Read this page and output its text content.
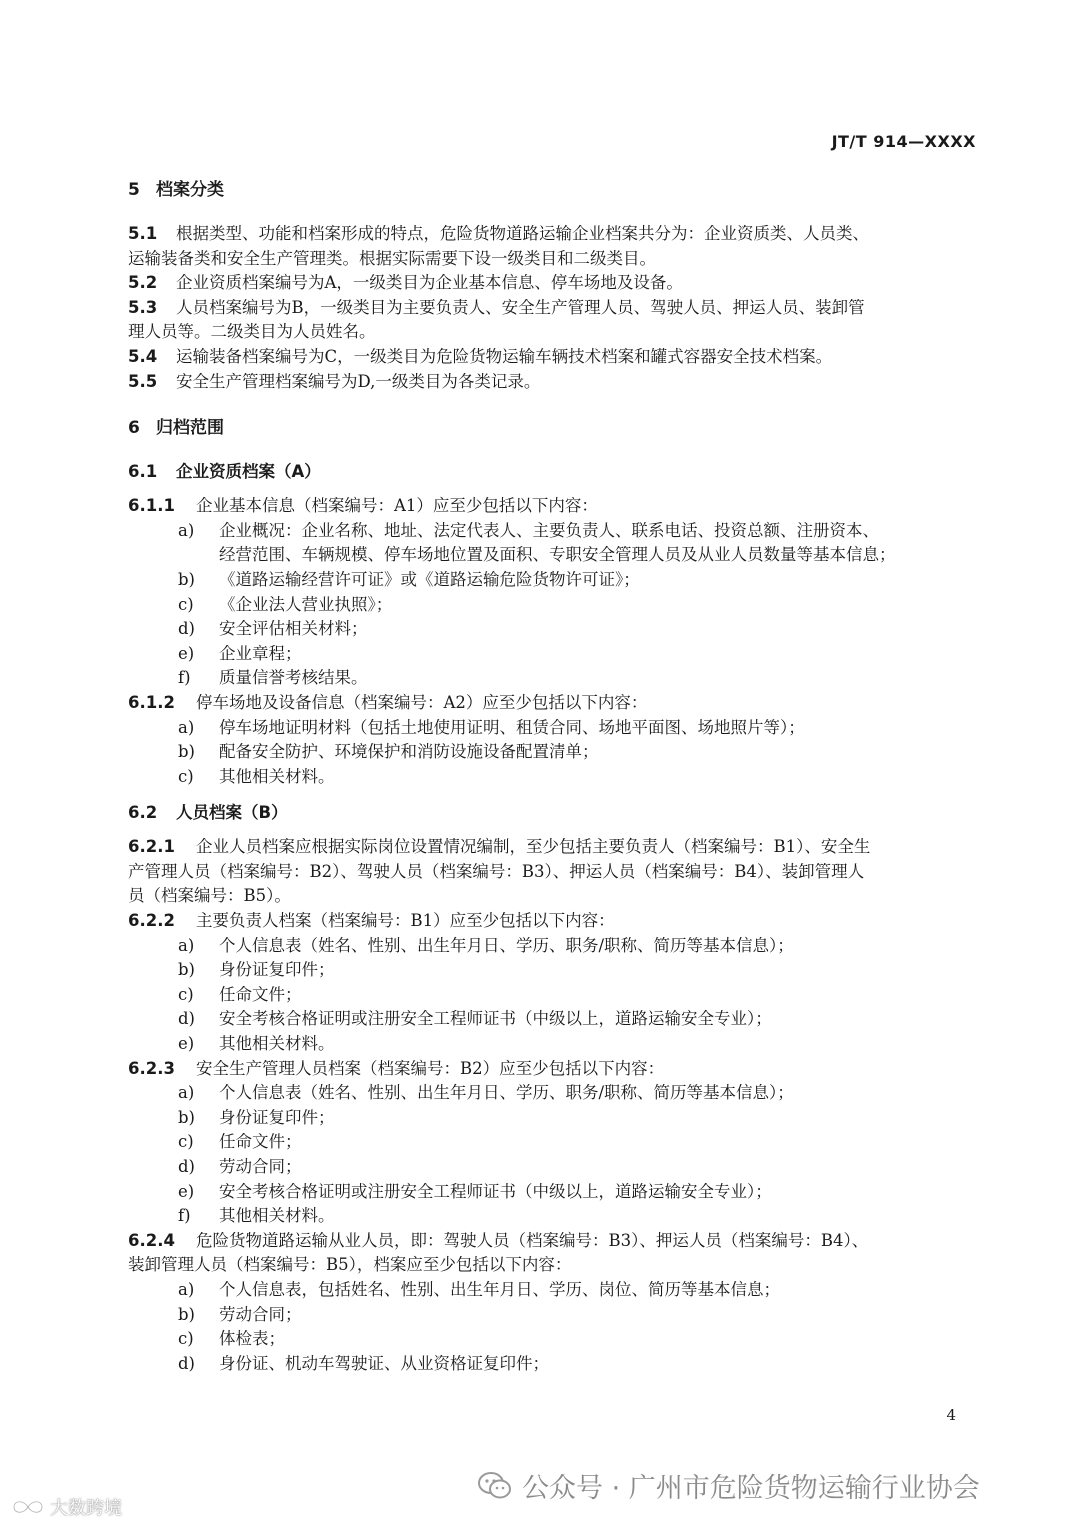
JT/T 914—XXXX

5 档案分类

5.1 根据类型、功能和档案形成的特点，危险货物道路运输企业档案共分为：企业资质类、人员类、

运输装备类和安全生产管理类。根据实际需要下设一级类目和二级类目。

5.2 企业资质档案编号为A，一级类目为企业基本信息、停车场地及设备。

5.3 人员档案编号为B，一级类目为主要负责人、安全生产管理人员、驾驶人员、押运人员、装卸管

理人员等。二级类目为人员姓名。

5.4 运输装备档案编号为C，一级类目为危险货物运输车辆技术档案和罐式容器安全技术档案。

5.5 安全生产管理档案编号为D,一级类目为各类记录。

6 归档范围

6.1 企业资质档案（A）

6.1.1 企业基本信息（档案编号：A1）应至少包括以下内容：

a) 企业概况：企业名称、地址、法定代表人、主要负责人、联系电话、投资总额、注册资本、

经营范围、车辆规模、停车场地位置及面积、专职安全管理人员及从业人员数量等基本信息；

b) 《道路运输经营许可证》或《道路运输危险货物许可证》；

c) 《企业法人营业执照》；

d) 安全评估相关材料；

e) 企业章程；

f) 质量信誉考核结果。

6.1.2 停车场地及设备信息（档案编号：A2）应至少包括以下内容：

a) 停车场地证明材料（包括土地使用证明、租赁合同、场地平面图、场地照片等）；

b) 配备安全防护、环境保护和消防设施设备配置清单；

c) 其他相关材料。

6.2 人员档案（B）

6.2.1 企业人员档案应根据实际岗位设置情况编制，至少包括主要负责人（档案编号：B1）、安全生

产管理人员（档案编号：B2）、驾驶人员（档案编号：B3）、押运人员（档案编号：B4）、装卸管理人

员（档案编号：B5）。

6.2.2 主要负责人档案（档案编号：B1）应至少包括以下内容：

a) 个人信息表（姓名、性别、出生年月日、学历、职务/职称、简历等基本信息）；

b) 身份证复印件；

c) 任命文件；

d) 安全考核合格证明或注册安全工程师证书（中级以上，道路运输安全专业）；

e) 其他相关材料。

6.2.3 安全生产管理人员档案（档案编号：B2）应至少包括以下内容：

a) 个人信息表（姓名、性别、出生年月日、学历、职务/职称、简历等基本信息）；

b) 身份证复印件；

c) 任命文件；

d) 劳动合同；

e) 安全考核合格证明或注册安全工程师证书（中级以上，道路运输安全专业）；

f) 其他相关材料。

6.2.4 危险货物道路运输从业人员，即：驾驶人员（档案编号：B3）、押运人员（档案编号：B4）、

装卸管理人员（档案编号：B5），档案应至少包括以下内容：

a) 个人信息表，包括姓名、性别、出生年月日、学历、岗位、简历等基本信息；

b) 劳动合同；

c) 体检表；

d) 身份证、机动车驾驶证、从业资格证复印件；

4
公众号 · 广州市危险货物运输行业协会
大数跨境
